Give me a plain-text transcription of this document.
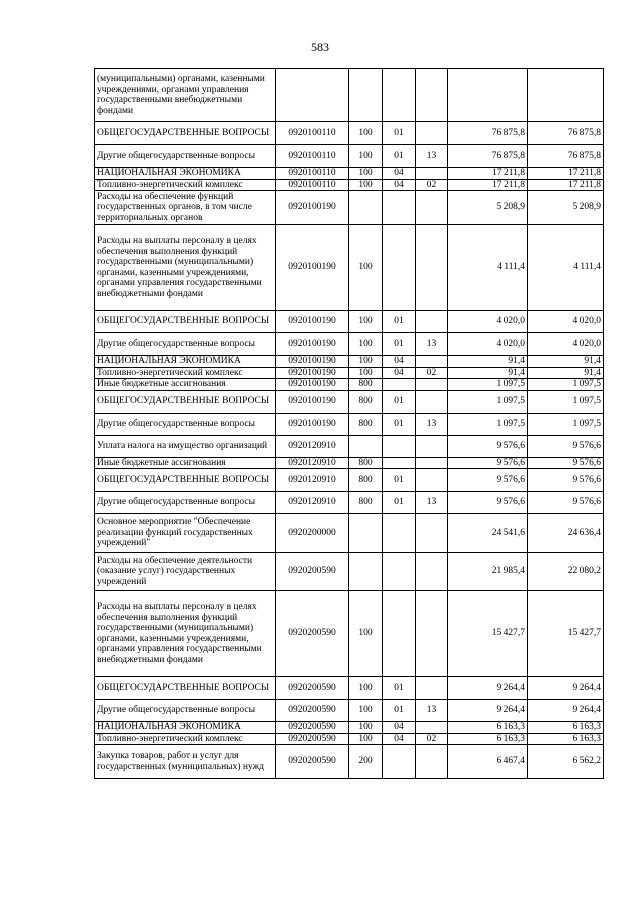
583
(муниципальными) органами, казенными учреждениями, органами управления государственными внебюджетными фондами						
ОБЩЕГОСУДАРСТВЕННЫЕ ВОПРОСЫ	0920100110	100	01		76 875,8	76 875,8
Другие общегосударственные вопросы	0920100110	100	01	13	76 875,8	76 875,8
НАЦИОНАЛЬНАЯ ЭКОНОМИКА	0920100110	100	04		17 211,8	17 211,8
Топливно-энергетический комплекс	0920100110	100	04	02	17 211,8	17 211,8
Расходы на обеспечение функций государственных органов, в том числе территориальных органов	0920100190				5 208,9	5 208,9
Расходы на выплаты персоналу в целях обеспечения выполнения функций государственными (муниципальными) органами, казенными учреждениями, органами управления государственными внебюджетными фондами	0920100190	100			4 111,4	4 111,4
ОБЩЕГОСУДАРСТВЕННЫЕ ВОПРОСЫ	0920100190	100	01		4 020,0	4 020,0
Другие общегосударственные вопросы	0920100190	100	01	13	4 020,0	4 020,0
НАЦИОНАЛЬНАЯ ЭКОНОМИКА	0920100190	100	04		91,4	91,4
Топливно-энергетический комплекс	0920100190	100	04	02	91,4	91,4
Иные бюджетные ассигнования	0920100190	800			1 097,5	1 097,5
ОБЩЕГОСУДАРСТВЕННЫЕ ВОПРОСЫ	0920100190	800	01		1 097,5	1 097,5
Другие общегосударственные вопросы	0920100190	800	01	13	1 097,5	1 097,5
Уплата налога на имущество организаций	0920120910				9 576,6	9 576,6
Иные бюджетные ассигнования	0920120910	800			9 576,6	9 576,6
ОБЩЕГОСУДАРСТВЕННЫЕ ВОПРОСЫ	0920120910	800	01		9 576,6	9 576,6
Другие общегосударственные вопросы	0920120910	800	01	13	9 576,6	9 576,6
Основное мероприятие "Обеспечение реализации функций государственных учреждений"	0920200000				24 541,6	24 636,4
Расходы на обеспечение деятельности (оказание услуг) государственных учреждений	0920200590				21 985,4	22 080,2
Расходы на выплаты персоналу в целях обеспечения выполнения функций государственными (муниципальными) органами, казенными учреждениями, органами управления государственными внебюджетными фондами	0920200590	100			15 427,7	15 427,7
ОБЩЕГОСУДАРСТВЕННЫЕ ВОПРОСЫ	0920200590	100	01		9 264,4	9 264,4
Другие общегосударственные вопросы	0920200590	100	01	13	9 264,4	9 264,4
НАЦИОНАЛЬНАЯ ЭКОНОМИКА	0920200590	100	04		6 163,3	6 163,3
Топливно-энергетический комплекс	0920200590	100	04	02	6 163,3	6 163,3
Закупка товаров, работ и услуг для государственных (муниципальных) нужд	0920200590	200			6 467,4	6 562,2
